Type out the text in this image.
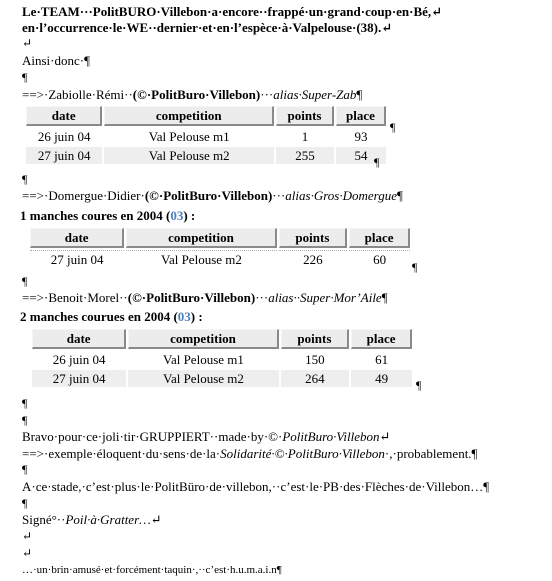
Le·TEAM···PolitBURO·Villebon·a·encore··frappé·un·grand·coup·en·Bé,↵
en·l’occurrence·le·WE··dernier·et·en·l’espèce·à·Valpelouse·(38).↵
↵
Ainsi·donc·¶
¶
==>·Zabiolle·Rémi··(©·PolitBuro·Villebon)···alias·Super-Zab¶
date	competition	points	place
26 juin 04	Val Pelouse m1	1	93
27 juin 04	Val Pelouse m2	255	54
¶
¶
¶
==>·Domergue·Didier·(©·PolitBuro·Villebon)···alias·Gros·Domergue¶
1 manches coures en 2004 (03) :
date	competition	points	place
27 juin 04	Val Pelouse m2	226	60
¶
¶
==>·Benoit·Morel··(©·PolitBuro·Villebon)···alias··Super·Mor’Aile¶
2 manches courues en 2004 (03) :
date	competition	points	place
26 juin 04	Val Pelouse m1	150	61
27 juin 04	Val Pelouse m2	264	49 ¶
¶
¶
Bravo·pour·ce·joli·tir·GRUPPIERT··made·by·©·PolitBuro·Villebon↵
==>·exemple·éloquent·du·sens·de·la·Solidarité·©·PolitBuro·Villebon·,·probablement.¶
¶
A·ce·stade,·c’est·plus·le·PolitBüro·de·villebon,··c’est·le·PB·des·Flèches·de·Villebon…¶
¶
Signé°··Poil·à·Gratter…↵
↵
↵
…·un·brin·amusé·et·forcément·taquin·,··c’est·h.u.m.a.i.n¶
